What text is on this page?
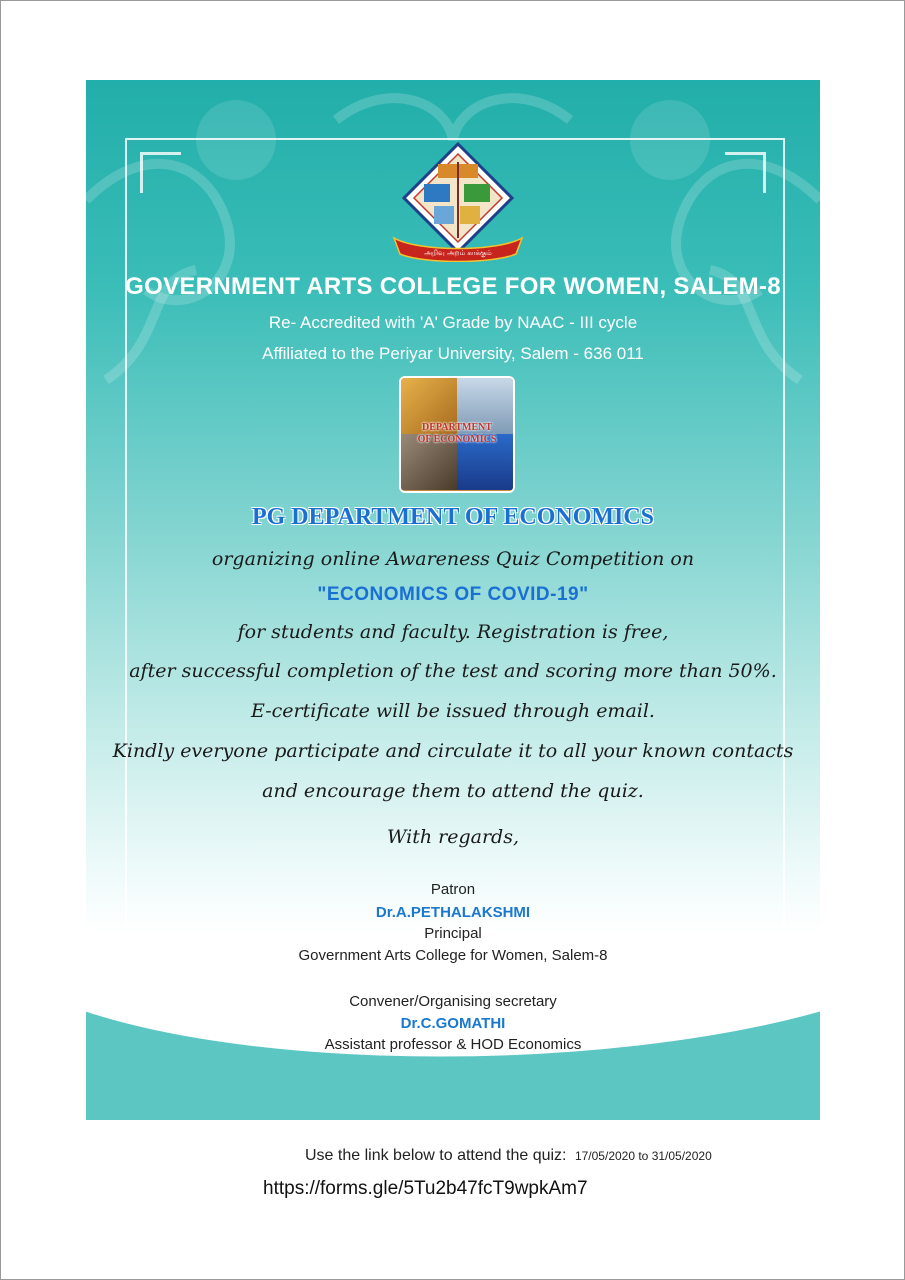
அறிவு அறம் காக்கும்
GOVERNMENT ARTS COLLEGE FOR WOMEN, SALEM-8
Re- Accredited with 'A' Grade by NAAC - III cycle
Affiliated to the Periyar University, Salem - 636 011
DEPARTMENT
OF ECONOMICS
PG DEPARTMENT OF ECONOMICS
organizing online Awareness Quiz Competition on
"ECONOMICS OF COVID-19"
for students and faculty. Registration is free,
after successful completion of the test and scoring more than 50%.
E-certificate will be issued through email.
Kindly everyone participate and circulate it to all your known contacts
and encourage them to attend the quiz.
With regards,
Patron
Dr.A.PETHALAKSHMI
Principal
Government Arts College for Women, Salem-8
Convener/Organising secretary
Dr.C.GOMATHI
Assistant professor & HOD Economics
Use the link below to attend the quiz: 17/05/2020 to 31/05/2020
https://forms.gle/5Tu2b47fcT9wpkAm7
